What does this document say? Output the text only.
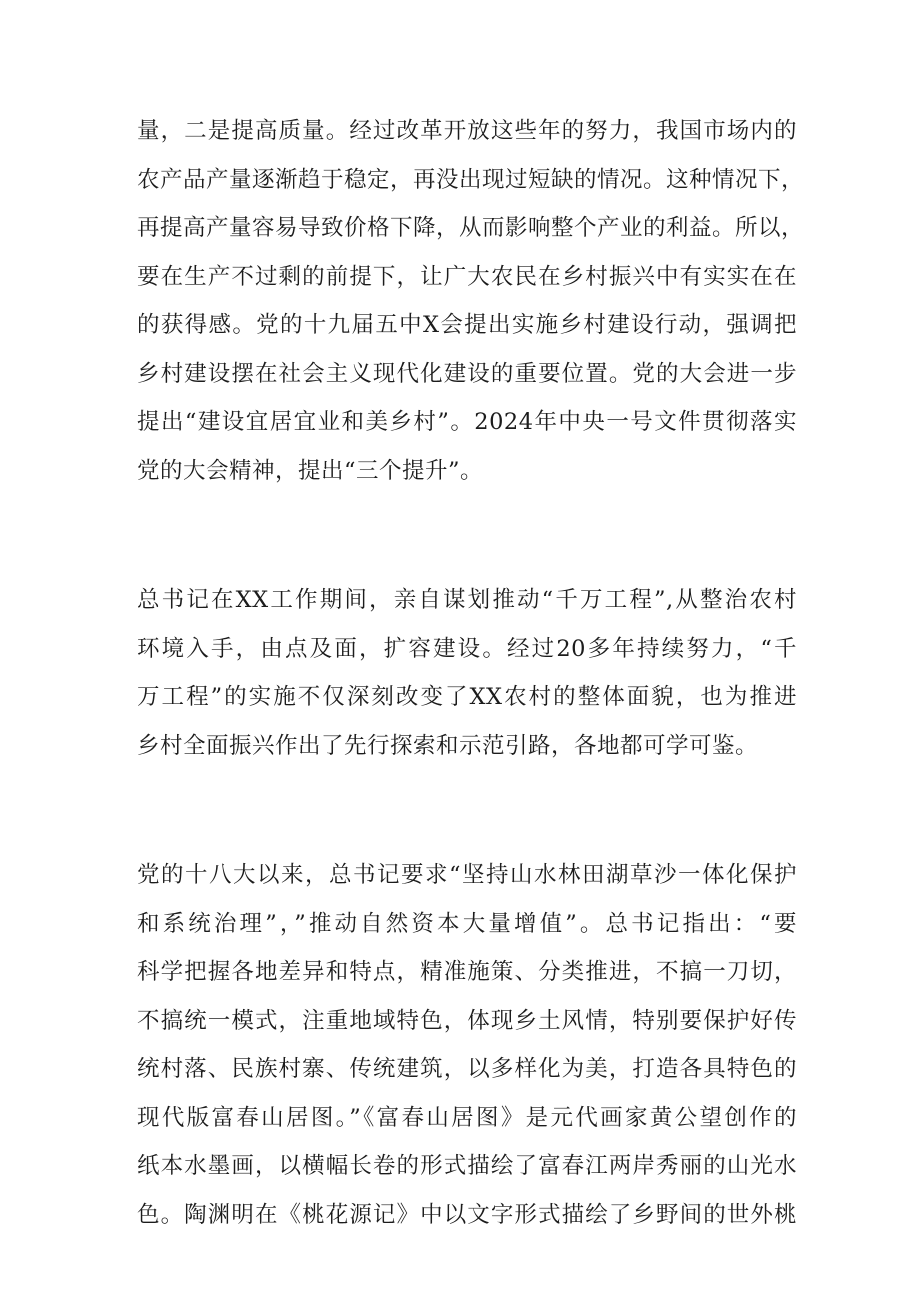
量，二是提高质量。经过改革开放这些年的努力，我国市场内的
农产品产量逐渐趋于稳定，再没出现过短缺的情况。这种情况下，
再提高产量容易导致价格下降，从而影响整个产业的利益。所以，
要在生产不过剩的前提下，让广大农民在乡村振兴中有实实在在
的获得感。党的十九届五中X会提出实施乡村建设行动，强调把
乡村建设摆在社会主义现代化建设的重要位置。党的大会进一步
提出“建设宜居宜业和美乡村”。2024年中央一号文件贯彻落实
党的大会精神，提出“三个提升”。
总书记在XX工作期间，亲自谋划推动“千万工程”,从整治农村
环境入手，由点及面，扩容建设。经过20多年持续努力，“千
万工程”的实施不仅深刻改变了XX农村的整体面貌，也为推进
乡村全面振兴作出了先行探索和示范引路，各地都可学可鉴。
党的十八大以来，总书记要求“坚持山水林田湖草沙一体化保护
和系统治理”，”推动自然资本大量增值”。总书记指出：“要
科学把握各地差异和特点，精准施策、分类推进，不搞一刀切，
不搞统一模式，注重地域特色，体现乡土风情，特别要保护好传
统村落、民族村寨、传统建筑，以多样化为美，打造各具特色的
现代版富春山居图。”《富春山居图》是元代画家黄公望创作的
纸本水墨画，以横幅长卷的形式描绘了富春江两岸秀丽的山光水
色。陶渊明在《桃花源记》中以文字形式描绘了乡野间的世外桃
